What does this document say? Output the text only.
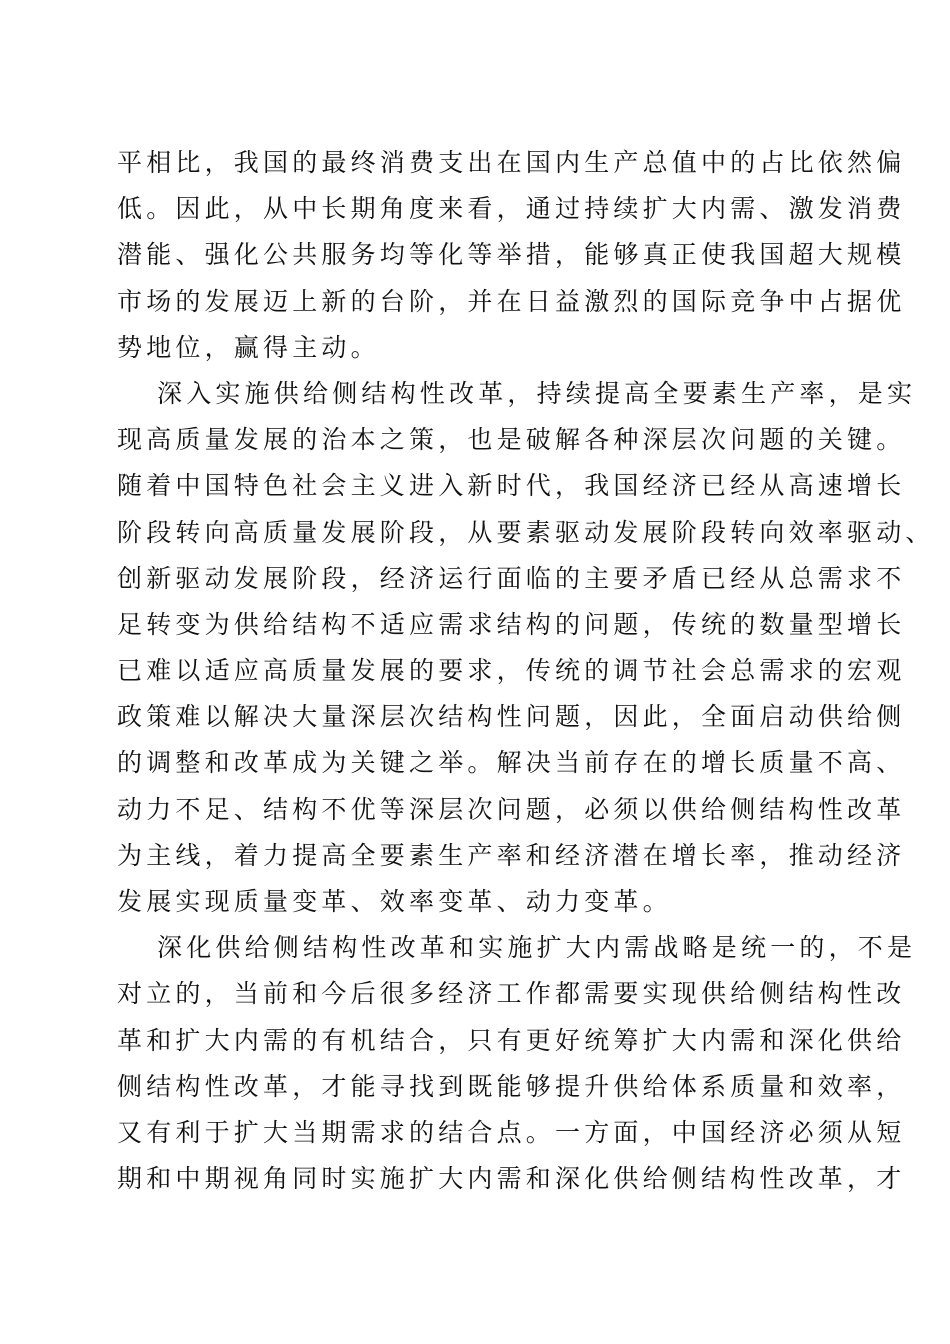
平相比，我国的最终消费支出在国内生产总值中的占比依然偏
低。因此，从中长期角度来看，通过持续扩大内需、激发消费
潜能、强化公共服务均等化等举措，能够真正使我国超大规模
市场的发展迈上新的台阶，并在日益激烈的国际竞争中占据优
势地位，赢得主动。
深入实施供给侧结构性改革，持续提高全要素生产率，是实
现高质量发展的治本之策，也是破解各种深层次问题的关键。
随着中国特色社会主义进入新时代，我国经济已经从高速增长
阶段转向高质量发展阶段，从要素驱动发展阶段转向效率驱动、
创新驱动发展阶段，经济运行面临的主要矛盾已经从总需求不
足转变为供给结构不适应需求结构的问题，传统的数量型增长
已难以适应高质量发展的要求，传统的调节社会总需求的宏观
政策难以解决大量深层次结构性问题，因此，全面启动供给侧
的调整和改革成为关键之举。解决当前存在的增长质量不高、
动力不足、结构不优等深层次问题，必须以供给侧结构性改革
为主线，着力提高全要素生产率和经济潜在增长率，推动经济
发展实现质量变革、效率变革、动力变革。
深化供给侧结构性改革和实施扩大内需战略是统一的，不是
对立的，当前和今后很多经济工作都需要实现供给侧结构性改
革和扩大内需的有机结合，只有更好统筹扩大内需和深化供给
侧结构性改革，才能寻找到既能够提升供给体系质量和效率，
又有利于扩大当期需求的结合点。一方面，中国经济必须从短
期和中期视角同时实施扩大内需和深化供给侧结构性改革，才
